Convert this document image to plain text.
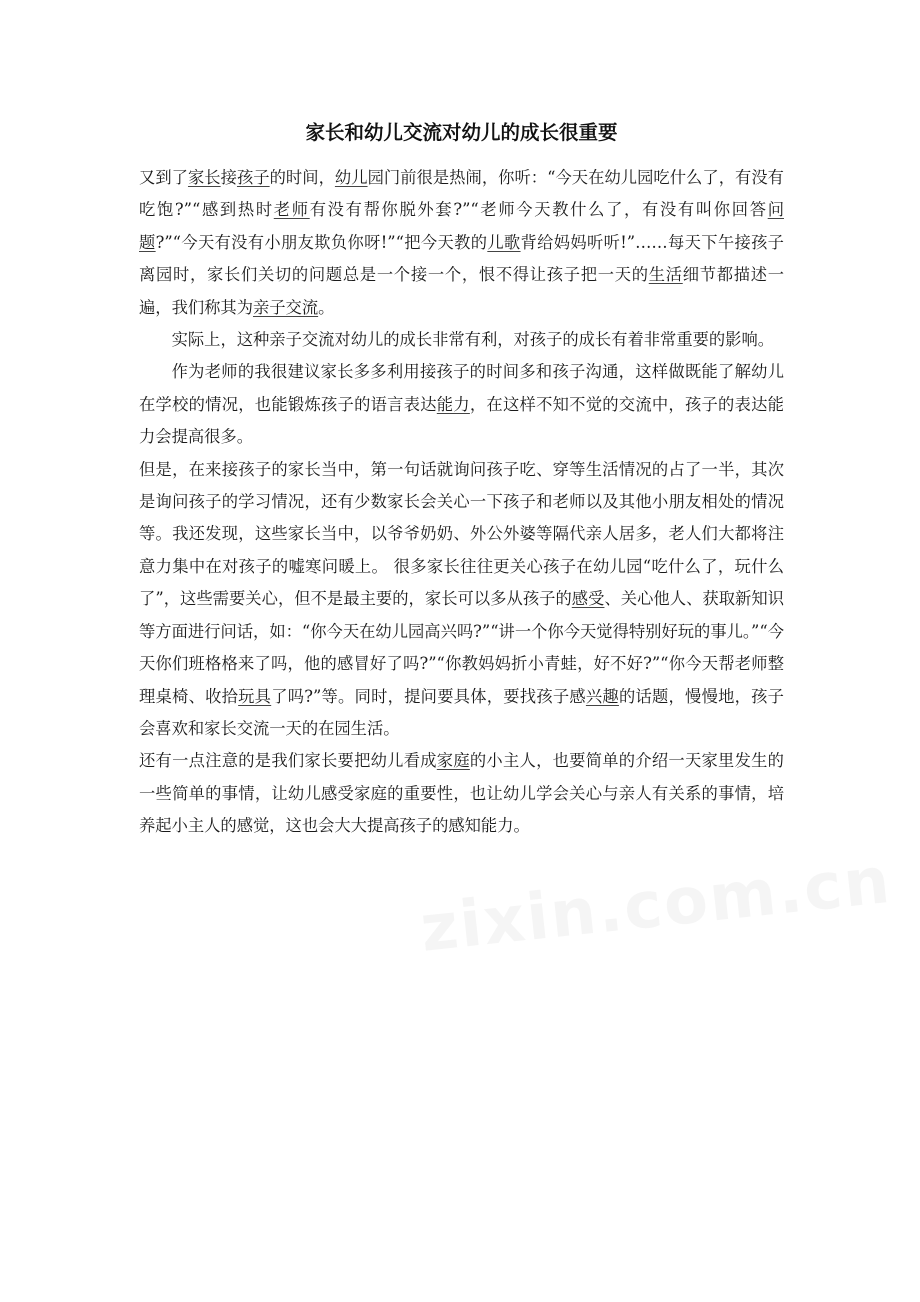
家长和幼儿交流对幼儿的成长很重要

又到了家长接孩子的时间，幼儿园门前很是热闹，你听：“今天在幼儿园吃什么了，有没有吃饱?”“感到热时老师有没有帮你脱外套?”“老师今天教什么了，有没有叫你回答问题?”“今天有没有小朋友欺负你呀!”“把今天教的儿歌背给妈妈听听!”……每天下午接孩子离园时，家长们关切的问题总是一个接一个，恨不得让孩子把一天的生活细节都描述一遍，我们称其为亲子交流。

实际上，这种亲子交流对幼儿的成长非常有利，对孩子的成长有着非常重要的影响。

作为老师的我很建议家长多多利用接孩子的时间多和孩子沟通，这样做既能了解幼儿在学校的情况，也能锻炼孩子的语言表达能力，在这样不知不觉的交流中，孩子的表达能力会提高很多。

但是，在来接孩子的家长当中，第一句话就询问孩子吃、穿等生活情况的占了一半，其次是询问孩子的学习情况，还有少数家长会关心一下孩子和老师以及其他小朋友相处的情况等。我还发现，这些家长当中，以爷爷奶奶、外公外婆等隔代亲人居多，老人们大都将注意力集中在对孩子的嘘寒问暖上。 很多家长往往更关心孩子在幼儿园“吃什么了，玩什么了”，这些需要关心，但不是最主要的，家长可以多从孩子的感受、关心他人、获取新知识等方面进行问话，如：“你今天在幼儿园高兴吗?”“讲一个你今天觉得特别好玩的事儿。”“今天你们班格格来了吗，他的感冒好了吗?”“你教妈妈折小青蛙，好不好?”“你今天帮老师整理桌椅、收拾玩具了吗?”等。同时，提问要具体，要找孩子感兴趣的话题，慢慢地，孩子会喜欢和家长交流一天的在园生活。

还有一点注意的是我们家长要把幼儿看成家庭的小主人，也要简单的介绍一天家里发生的一些简单的事情，让幼儿感受家庭的重要性，也让幼儿学会关心与亲人有关系的事情，培养起小主人的感觉，这也会大大提高孩子的感知能力。

zixin.com.cn
